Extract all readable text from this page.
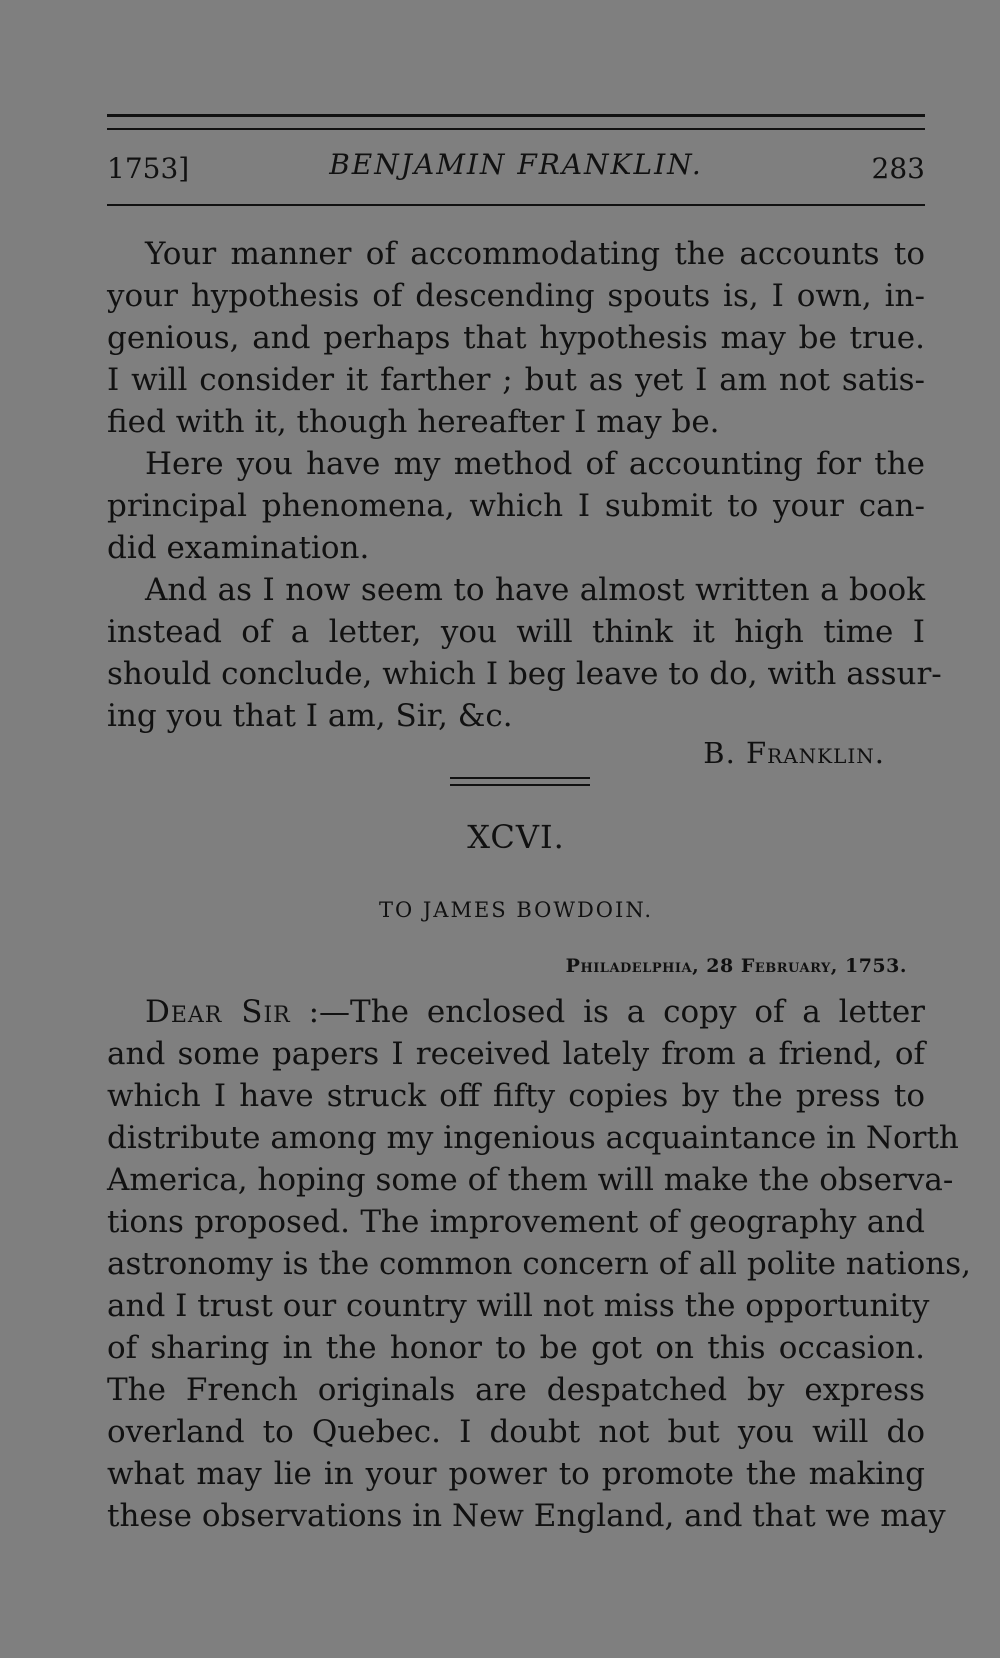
1753]	BENJAMIN FRANKLIN.	283
Your manner of accommodating the accounts to
your hypothesis of descending spouts is, I own, in-
genious, and perhaps that hypothesis may be true.
I will consider it farther ; but as yet I am not satis-
fied with it, though hereafter I may be.
Here you have my method of accounting for the
principal phenomena, which I submit to your can-
did examination.
And as I now seem to have almost written a book
instead of a letter, you will think it high time I
should conclude, which I beg leave to do, with assur-
ing you that I am, Sir, &c.
B. Franklin.
XCVI.
TO JAMES BOWDOIN.
Philadelphia, 28 February, 1753.
Dear Sir :—The enclosed is a copy of a letter
and some papers I received lately from a friend, of
which I have struck off fifty copies by the press to
distribute among my ingenious acquaintance in North
America, hoping some of them will make the observa-
tions proposed. The improvement of geography and
astronomy is the common concern of all polite nations,
and I trust our country will not miss the opportunity
of sharing in the honor to be got on this occasion.
The French originals are despatched by express
overland to Quebec. I doubt not but you will do
what may lie in your power to promote the making
these observations in New England, and that we may
